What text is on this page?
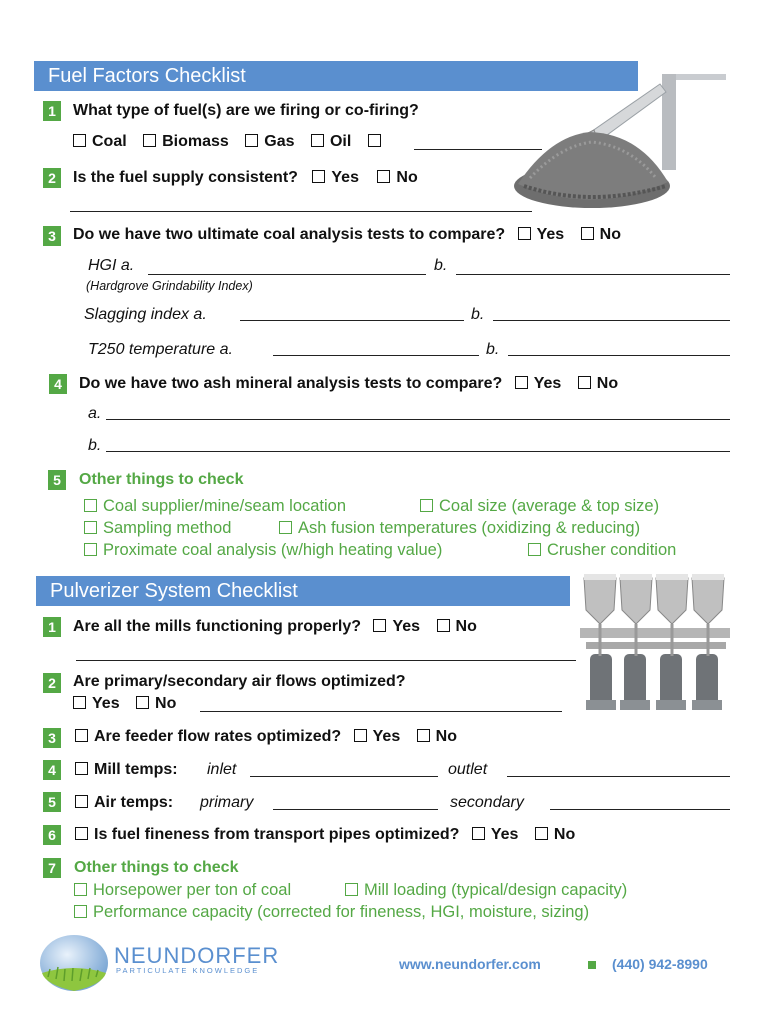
Fuel Factors Checklist
1	What type of fuel(s) are we firing or co-firing?
Coal Biomass Gas Oil
2	Is the fuel supply consistent? Yes No
3	Do we have two ultimate coal analysis tests to compare? Yes No
HGI a.	b.
(Hardgrove Grindability Index)
Slagging index a.	b.
T250 temperature a.	b.
4	Do we have two ash mineral analysis tests to compare? Yes No
a.
b.
5	Other things to check
Coal supplier/mine/seam location	Coal size (average & top size)
Sampling method	Ash fusion temperatures (oxidizing & reducing)
Proximate coal analysis (w/high heating value)	Crusher condition
Pulverizer System Checklist
1	Are all the mills functioning properly? Yes No
2	Are primary/secondary air flows optimized?
Yes No
3	Are feeder flow rates optimized? Yes No
4	Mill temps: inlet	outlet
5	Air temps: primary	secondary
6	Is fuel fineness from transport pipes optimized? Yes No
7	Other things to check
Horsepower per ton of coal	Mill loading (typical/design capacity)
Performance capacity (corrected for fineness, HGI, moisture, sizing)
NEUNDORFER
PARTICULATE KNOWLEDGE	www.neundorfer.com	(440) 942-8990
